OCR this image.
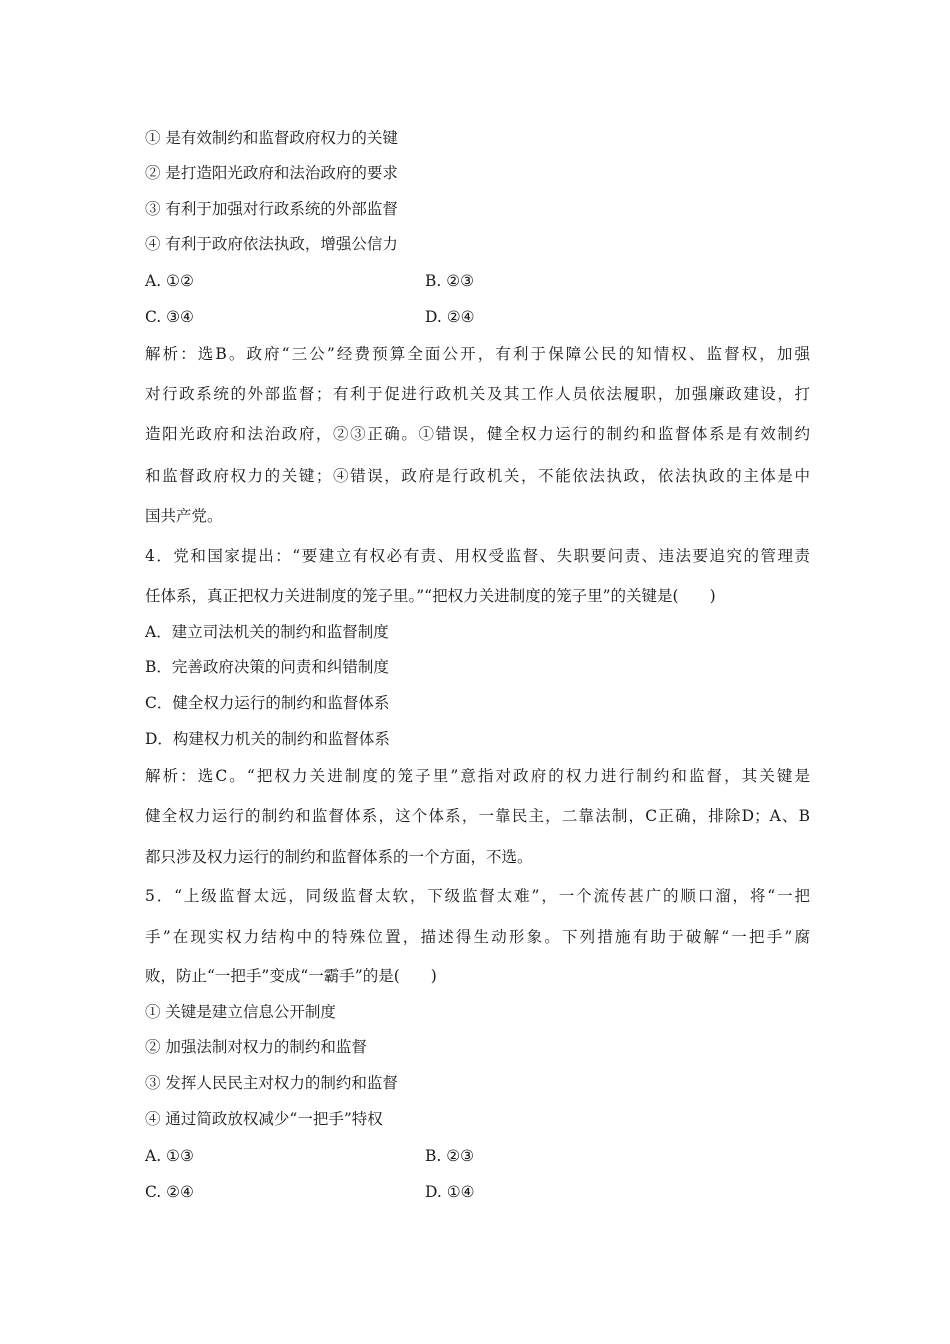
① 是有效制约和监督政府权力的关键
② 是打造阳光政府和法治政府的要求
③ 有利于加强对行政系统的外部监督
④ 有利于政府依法执政，增强公信力
A. ①②	B. ②③
C. ③④	D. ②④
解析：选B。政府“三公”经费预算全面公开，有利于保障公民的知情权、监督权，加强
对行政系统的外部监督；有利于促进行政机关及其工作人员依法履职，加强廉政建设，打
造阳光政府和法治政府，②③正确。①错误，健全权力运行的制约和监督体系是有效制约
和监督政府权力的关键；④错误，政府是行政机关，不能依法执政，依法执政的主体是中
国共产党。
4．党和国家提出：“要建立有权必有责、用权受监督、失职要问责、违法要追究的管理责
任体系，真正把权力关进制度的笼子里。”“把权力关进制度的笼子里”的关键是(　　)
A．建立司法机关的制约和监督制度
B．完善政府决策的问责和纠错制度
C．健全权力运行的制约和监督体系
D．构建权力机关的制约和监督体系
解析：选C。“把权力关进制度的笼子里”意指对政府的权力进行制约和监督，其关键是
健全权力运行的制约和监督体系，这个体系，一靠民主，二靠法制，C正确，排除D；A、B
都只涉及权力运行的制约和监督体系的一个方面，不选。
5．“上级监督太远，同级监督太软，下级监督太难”，一个流传甚广的顺口溜，将“一把
手”在现实权力结构中的特殊位置，描述得生动形象。下列措施有助于破解“一把手”腐
败，防止“一把手”变成“一霸手”的是(　　)
① 关键是建立信息公开制度
② 加强法制对权力的制约和监督
③ 发挥人民民主对权力的制约和监督
④ 通过简政放权减少“一把手”特权
A. ①③	B. ②③
C. ②④	D. ①④
